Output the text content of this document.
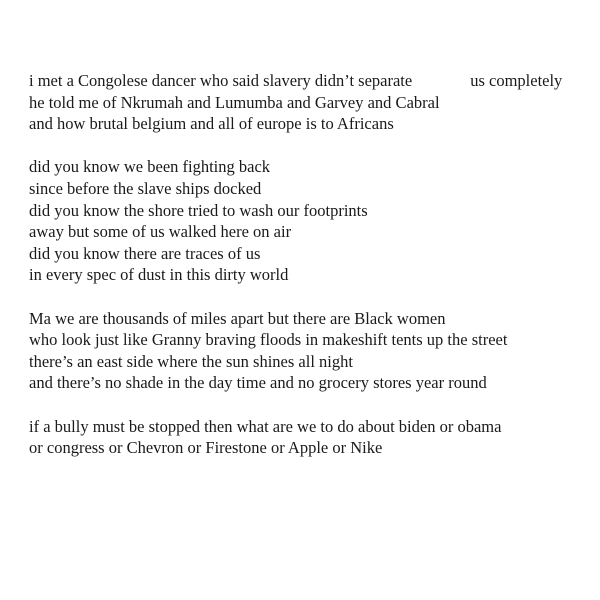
i met a Congolese dancer who said slavery didn’t separate	us completely
he told me of Nkrumah and Lumumba and Garvey and Cabral
and how brutal belgium and all of europe is to Africans
did you know we been fighting back
since before the slave ships docked
did you know the shore tried to wash our footprints
away but some of us walked here on air
did you know there are traces of us
in every spec of dust in this dirty world
Ma we are thousands of miles apart but there are Black women
who look just like Granny braving floods in makeshift tents up the street
there’s an east side where the sun shines all night
and there’s no shade in the day time and no grocery stores year round
if a bully must be stopped then what are we to do about biden or obama
or congress or Chevron or Firestone or Apple or Nike
